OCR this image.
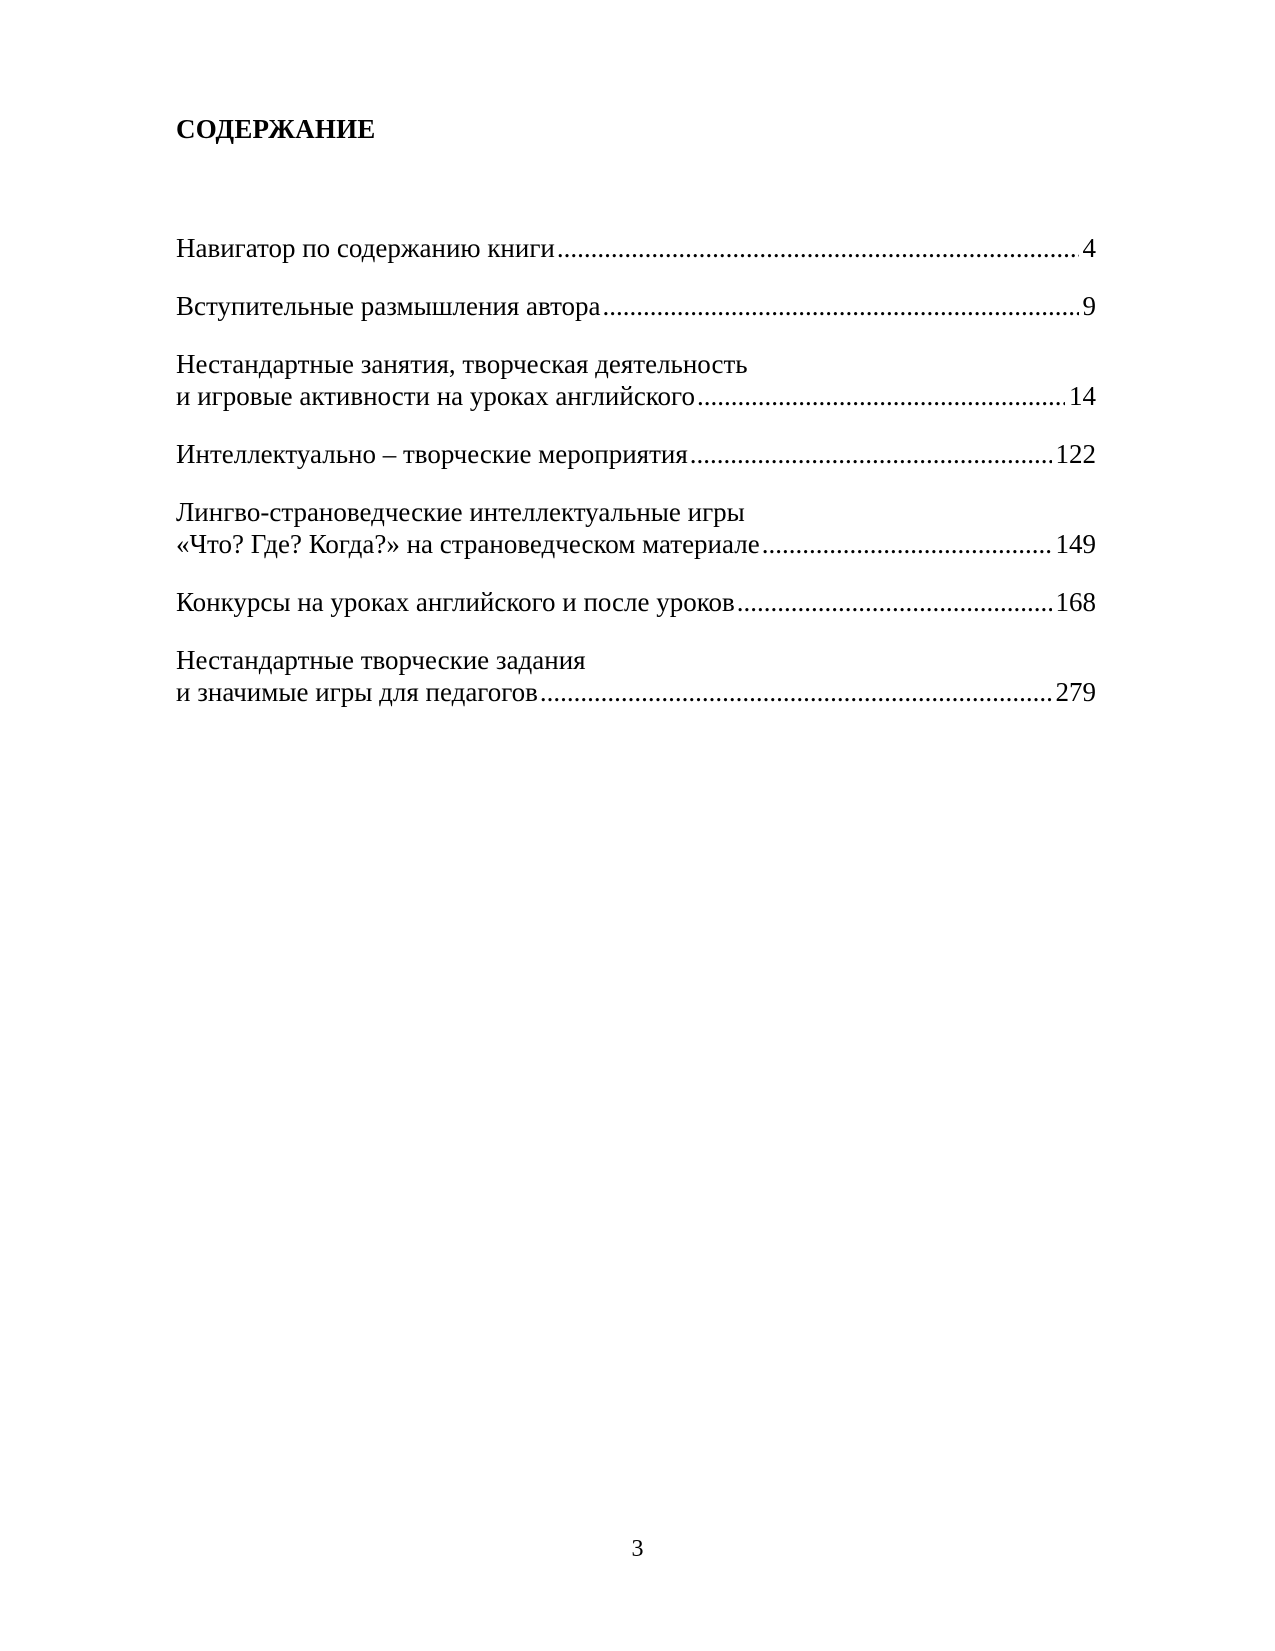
СОДЕРЖАНИЕ
Навигатор по содержанию книги .....	4
Вступительные размышления автора .....	9
Нестандартные занятия, творческая деятельность
и игровые активности на уроках английского .....	14
Интеллектуально – творческие мероприятия .....	122
Лингво-страноведческие интеллектуальные игры
«Что? Где? Когда?» на страноведческом материале .....	149
Конкурсы на уроках английского и после уроков .....	168
Нестандартные творческие задания
и значимые игры для педагогов .....	279
3
